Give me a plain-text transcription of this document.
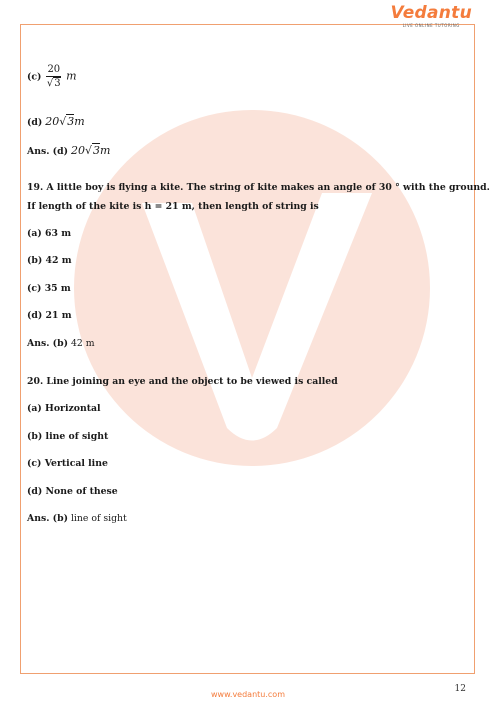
Vedantu
LIVE ONLINE TUTORING
$(c) \frac{20}{√3}$ m
(d) 20√3m
Ans. (d) 20√3m
19. A little boy is flying a kite. The string of kite makes an angle of 30 ° with the ground.
If length of the kite is h = 21 m, then length of string is
(a) 63 m
(b) 42 m
(c) 35 m
(d) 21 m
Ans. (b) 42 m
20. Line joining an eye and the object to be viewed is called
(a) Horizontal
(b) line of sight
(c) Vertical line
(d) None of these
Ans. (b) line of sight
12
www.vedantu.com
